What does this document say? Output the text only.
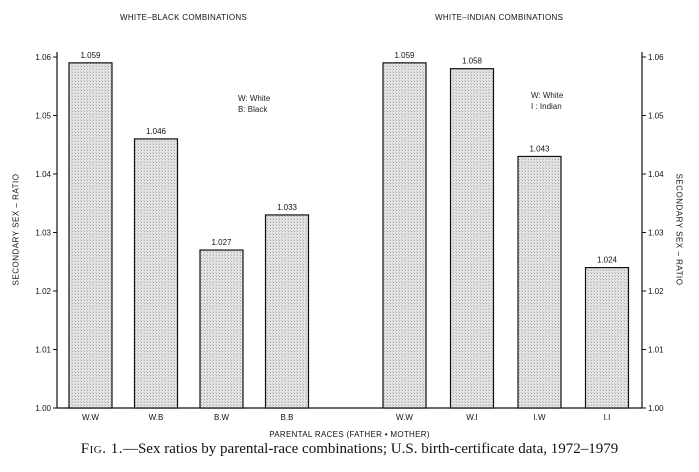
1.00	1.00
1.01	1.01
1.02	1.02
1.03	1.03
1.04	1.04
1.05	1.05
1.06	1.06
1.059
W.W
1.046
W.B
1.027
B.W
1.033
B.B
1.059
W.W
1.058
W.I
1.043
I.W
1.024
I.I
WHITE–BLACK COMBINATIONS	WHITE–INDIAN COMBINATIONS
W: White
B: Black
W: White
I : Indian
SECONDARY SEX – RATIO	SECONDARY SEX – RATIO
PARENTAL RACES (FATHER • MOTHER)
Fig. 1.—Sex ratios by parental-race combinations; U.S. birth-certificate data, 1972–1979
